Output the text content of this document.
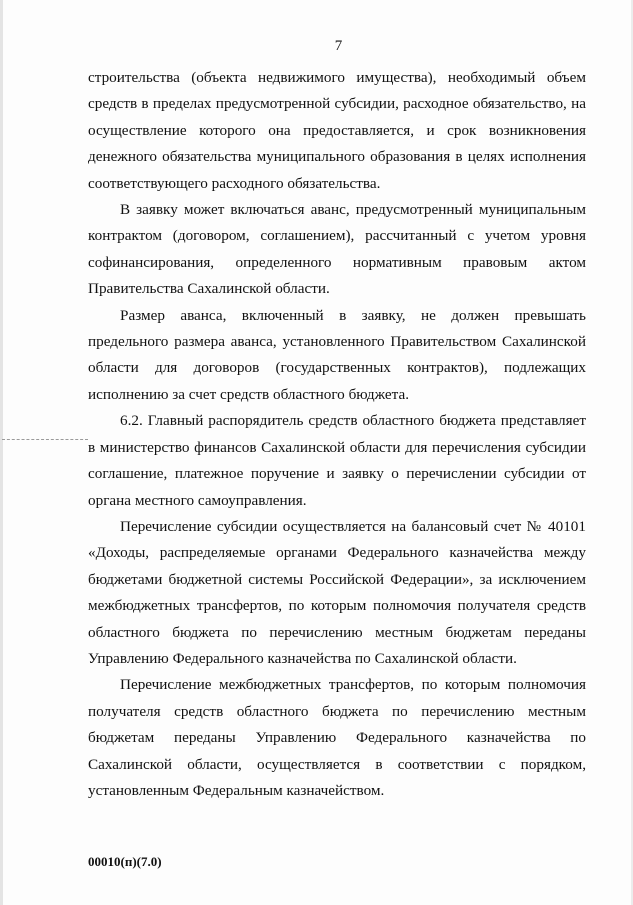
7

строительства (объекта недвижимого имущества), необходимый объем средств в пределах предусмотренной субсидии, расходное обязательство, на осуществление которого она предоставляется, и срок возникновения денежного обязательства муниципального образования в целях исполнения соответствующего расходного обязательства.

В заявку может включаться аванс, предусмотренный муниципальным контрактом (договором, соглашением), рассчитанный с учетом уровня софинансирования, определенного нормативным правовым актом Правительства Сахалинской области.

Размер аванса, включенный в заявку, не должен превышать предельного размера аванса, установленного Правительством Сахалинской области для договоров (государственных контрактов), подлежащих исполнению за счет средств областного бюджета.

6.2. Главный распорядитель средств областного бюджета представляет в министерство финансов Сахалинской области для перечисления субсидии соглашение, платежное поручение и заявку о перечислении субсидии от органа местного самоуправления.

Перечисление субсидии осуществляется на балансовый счет № 40101 «Доходы, распределяемые органами Федерального казначейства между бюджетами бюджетной системы Российской Федерации», за исключением межбюджетных трансфертов, по которым полномочия получателя средств областного бюджета по перечислению местным бюджетам переданы Управлению Федерального казначейства по Сахалинской области.

Перечисление межбюджетных трансфертов, по которым полномочия получателя средств областного бюджета по перечислению местным бюджетам переданы Управлению Федерального казначейства по Сахалинской области, осуществляется в соответствии с порядком, установленным Федеральным казначейством.

00010(п)(7.0)
